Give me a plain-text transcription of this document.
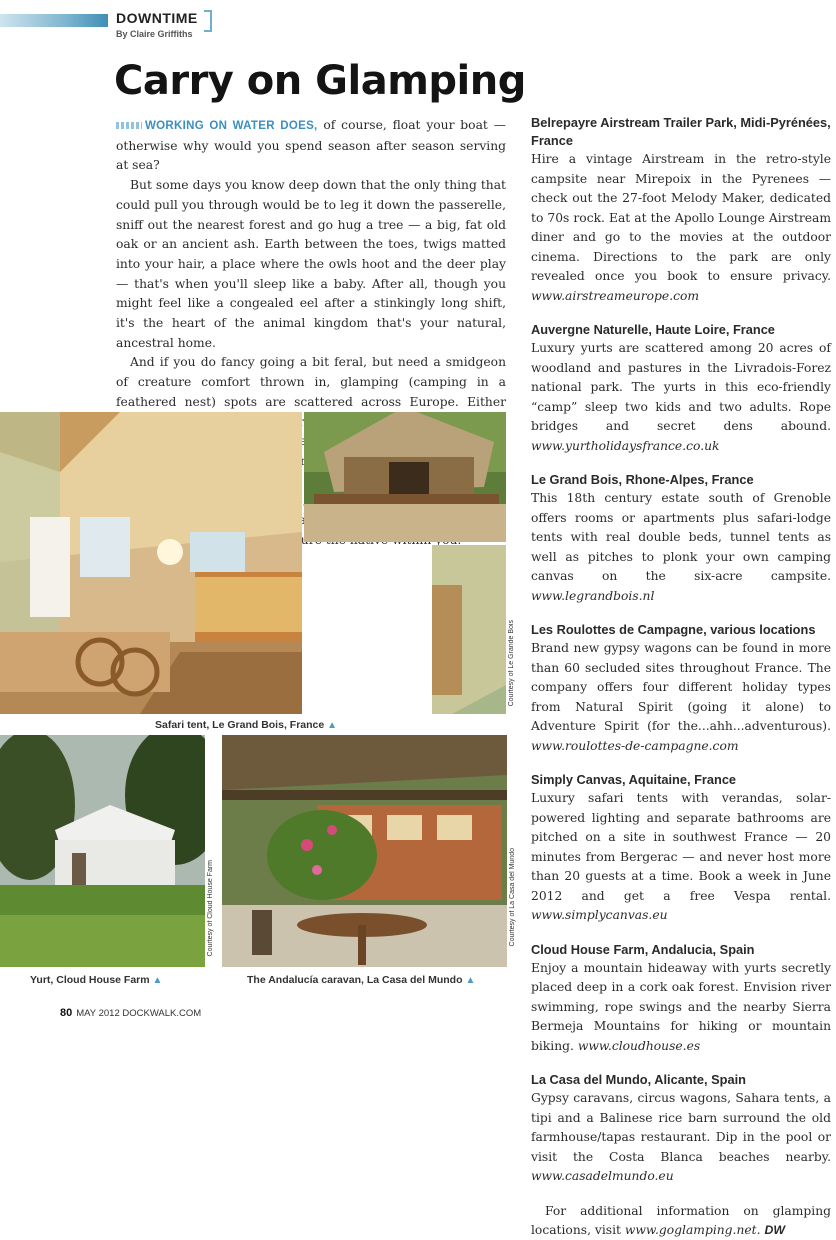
DOWNTIME
By Claire Griffiths
Carry on Glamping

WORKING ON WATER DOES, of course, float your boat — otherwise why would you spend season after season serving at sea?

But some days you know deep down that the only thing that could pull you through would be to leg it down the passerelle, sniff out the nearest forest and go hug a tree — a big, fat old oak or an ancient ash. Earth between the toes, twigs matted into your hair, a place where the owls hoot and the deer play — that's when you'll sleep like a baby. After all, though you might feel like a congealed eel after a stinkingly long shift, it's the heart of the animal kingdom that's your natural, ancestral home.

And if you do fancy going a bit feral, but need a smidgeon of creature comfort thrown in, glamping (camping in a feathered nest) spots are scattered across Europe. Either

Belrepayre Airstream Trailer Park, Midi-Pyrénées, France
Hire a vintage Airstream in the retro-style campsite near Mirepoix in the Pyrenees — check out the 27-foot Melody Maker, dedicated to 70s rock. Eat at the Apollo Lounge Airstream diner and go to the movies at the outdoor cinema. Directions to the park are only revealed once you book to ensure privacy. www.airstreameurope.com
Auvergne Naturelle, Haute Loire, France
Luxury yurts are scattered among 20 acres of woodland and pastures in the Livradois-Forez national park. The yurts in this eco-friendly “camp” sleep two kids and two adults. Rope bridges and secret dens abound. www.yurtholidaysfrance.co.uk
Le Grand Bois, Rhone-Alpes, France
This 18th century estate south of Grenoble offers rooms or apartments plus safari-lodge tents with real double beds, tunnel tents as well as pitches to plonk your own camping canvas on the six-acre campsite. www.legrandbois.nl
Les Roulottes de Campagne, various locations
Brand new gypsy wagons can be found in more than 60 secluded sites throughout France. The company offers four different holiday types from Natural Spirit (going it alone) to Adventure Spirit (for the...ahh...adventurous). www.roulottes-de-campagne.com
Simply Canvas, Aquitaine, France
Luxury safari tents with verandas, solar-powered lighting and separate bathrooms are pitched on a site in southwest France — 20 minutes from Bergerac — and never host more than 20 guests at a time. Book a week in June 2012 and get a free Vespa rental. www.simplycanvas.eu
Cloud House Farm, Andalucia, Spain
Enjoy a mountain hideaway with yurts secretly placed deep in a cork oak forest. Envision river swimming, rope swings and the nearby Sierra Bermeja Mountains for hiking or mountain biking. www.cloudhouse.es
La Casa del Mundo, Alicante, Spain
Gypsy caravans, circus wagons, Sahara tents, a tipi and a Balinese rice barn surround the old farmhouse/tapas restaurant. Dip in the pool or visit the Costa Blanca beaches nearby. www.casadelmundo.eu
For additional information on glamping locations, visit www.goglamping.net. DW
Courtesy of Le Grande Bois
Safari tent, Le Grand Bois, France ▲
Courtesy of Cloud House Farm
Yurt, Cloud House Farm ▲
Courtesy of La Casa del Mundo
The Andalucía caravan, La Casa del Mundo ▲
80 MAY 2012 DOCKWALK.COM
